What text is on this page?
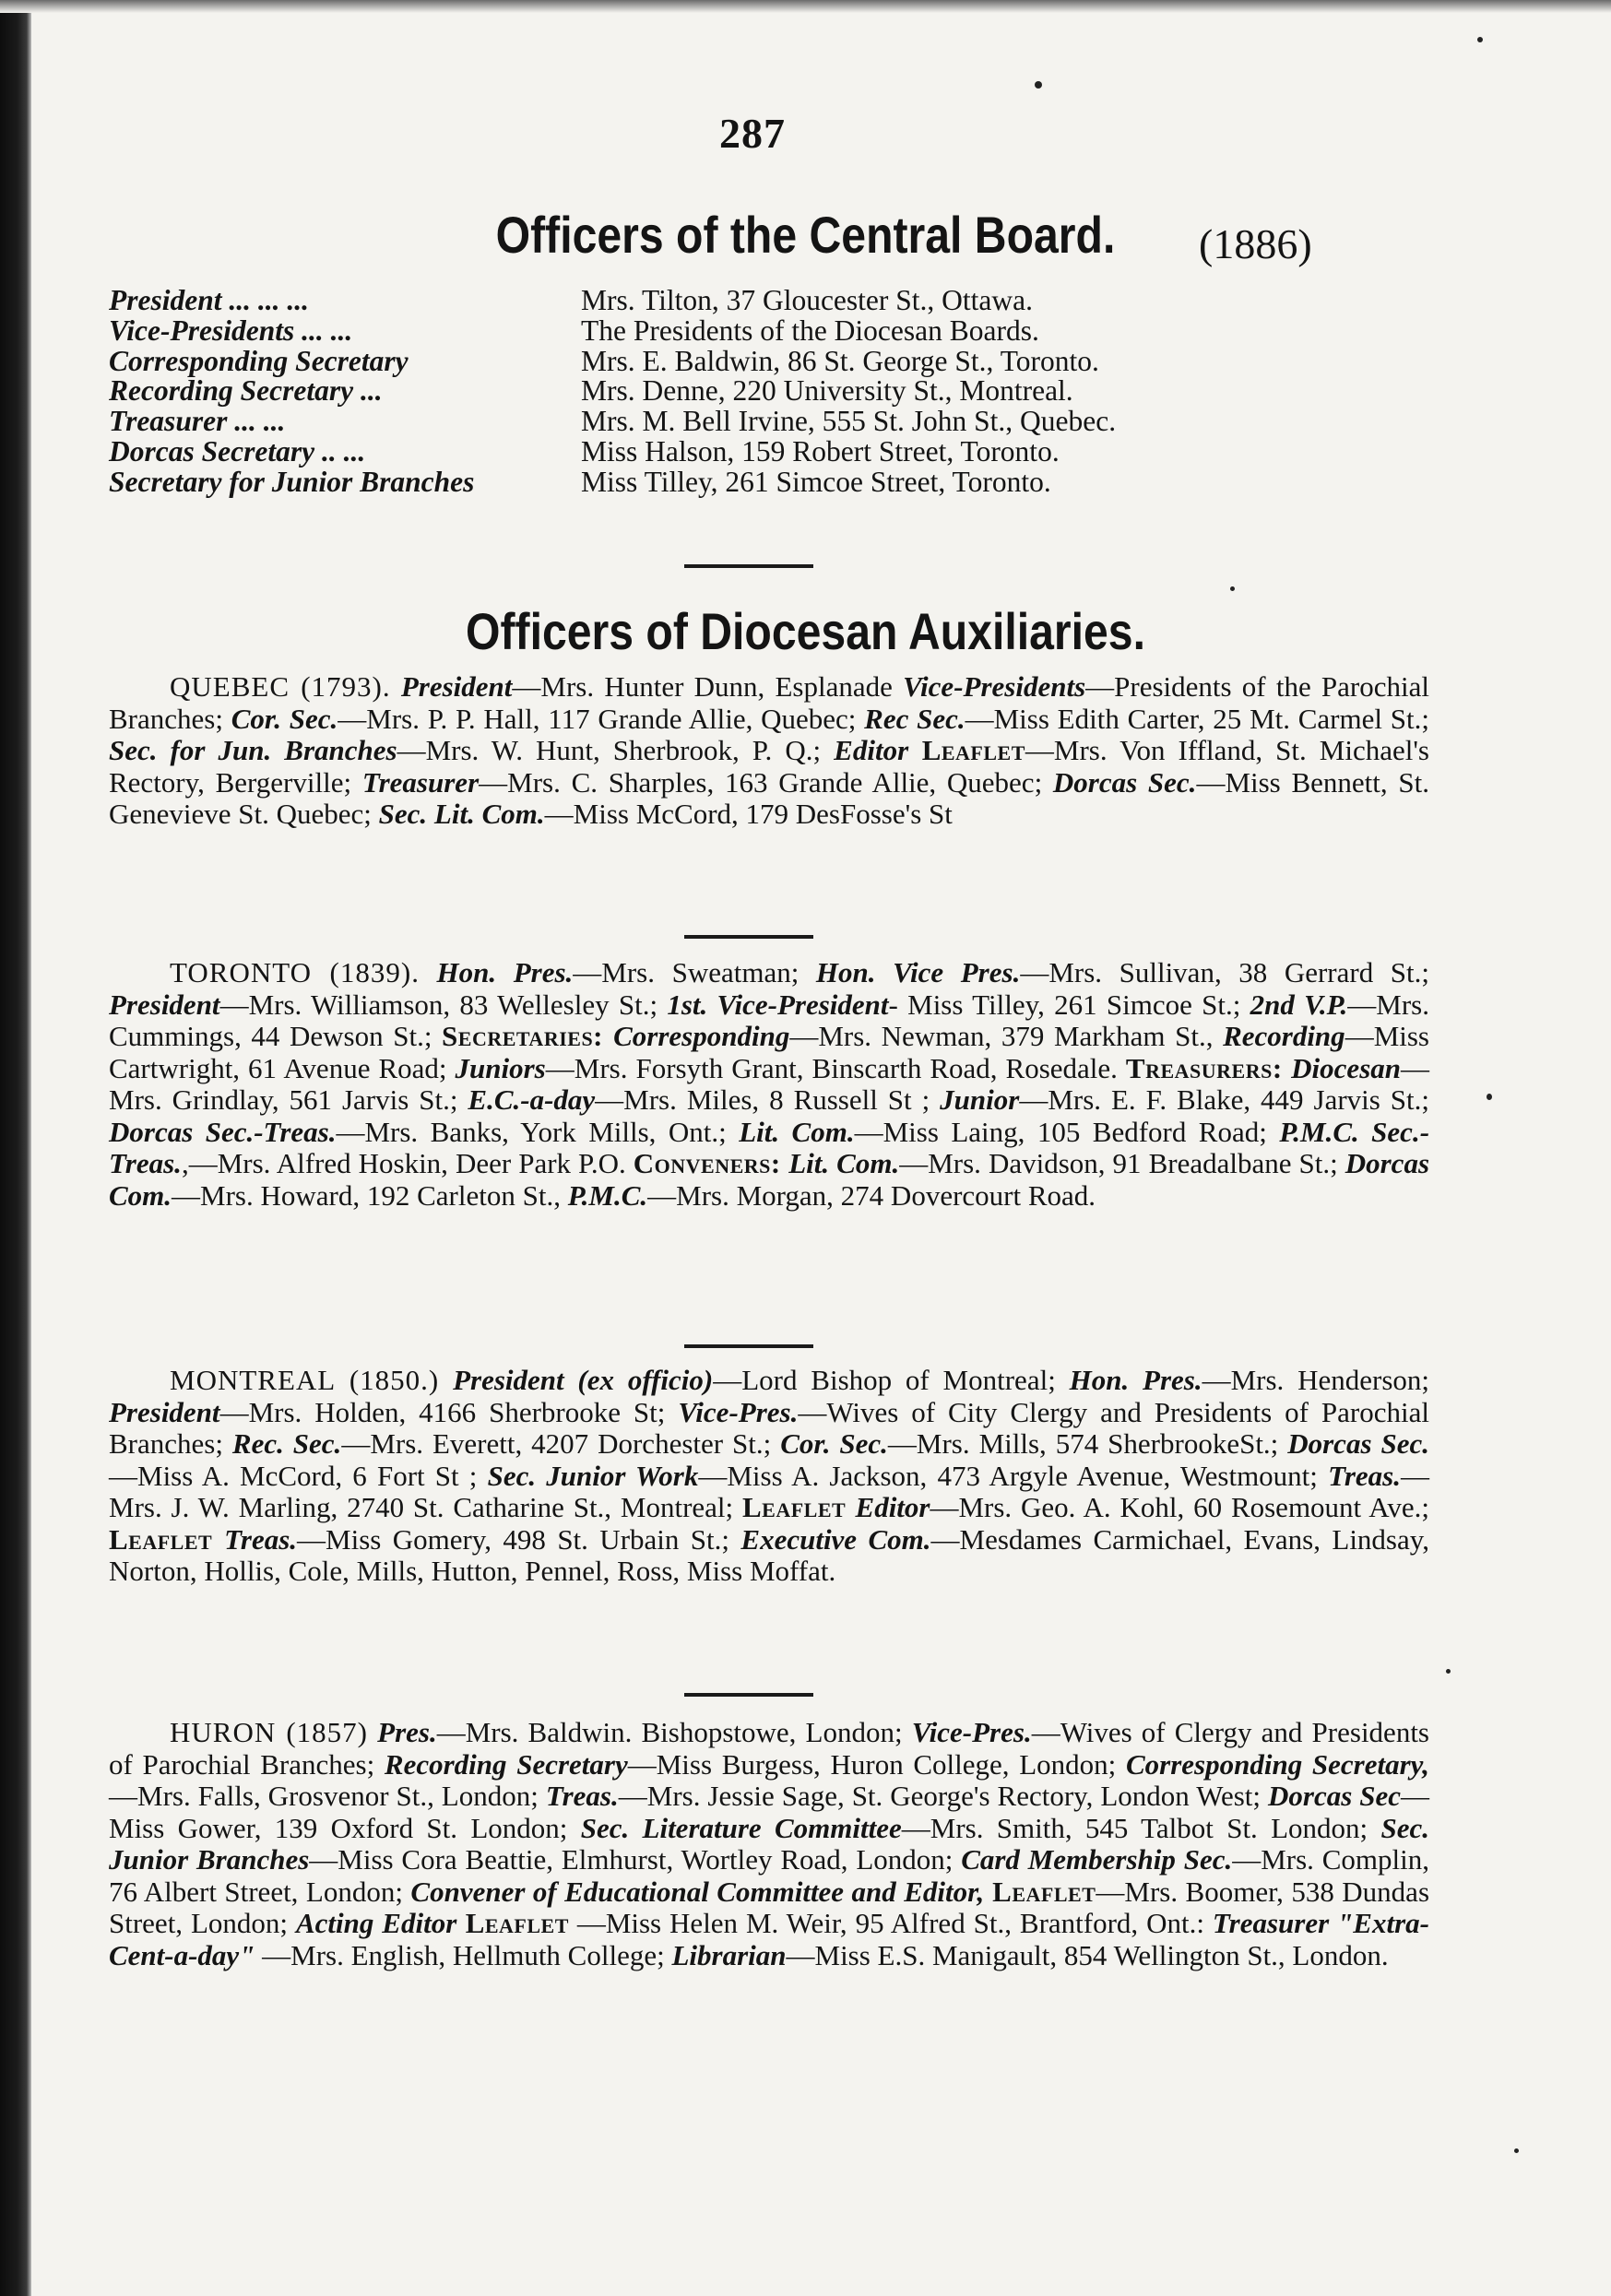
287
Officers of the Central Board.	(1886)
President ... ... ...	Mrs. Tilton, 37 Gloucester St., Ottawa.
Vice-Presidents ... ...	The Presidents of the Diocesan Boards.
Corresponding Secretary	Mrs. E. Baldwin, 86 St. George St., Toronto.
Recording Secretary ...	Mrs. Denne, 220 University St., Montreal.
Treasurer ... ...	Mrs. M. Bell Irvine, 555 St. John St., Quebec.
Dorcas Secretary .. ...	Miss Halson, 159 Robert Street, Toronto.
Secretary for Junior Branches	Miss Tilley, 261 Simcoe Street, Toronto.
Officers of Diocesan Auxiliaries.
QUEBEC (1793). President—Mrs. Hunter Dunn, Esplanade Vice-Presidents—Presidents of the Parochial Branches; Cor. Sec.—Mrs. P. P. Hall, 117 Grande Allie, Quebec; Rec Sec.—Miss Edith Carter, 25 Mt. Carmel St.; Sec. for Jun. Branches—Mrs. W. Hunt, Sherbrook, P. Q.; Editor Leaflet—Mrs. Von Iffland, St. Michael's Rectory, Bergerville; Treasurer—Mrs. C. Sharples, 163 Grande Allie, Quebec; Dorcas Sec.—Miss Bennett, St. Genevieve St. Quebec; Sec. Lit. Com.—Miss McCord, 179 DesFosse's St
TORONTO (1839). Hon. Pres.—Mrs. Sweatman; Hon. Vice Pres.—Mrs. Sullivan, 38 Gerrard St.; President—Mrs. Williamson, 83 Wellesley St.; 1st. Vice-President- Miss Tilley, 261 Simcoe St.; 2nd V.P.—Mrs. Cummings, 44 Dewson St.; Secretaries: Corresponding—Mrs. Newman, 379 Markham St., Recording—Miss Cartwright, 61 Avenue Road; Juniors—Mrs. Forsyth Grant, Binscarth Road, Rosedale. Treasurers: Diocesan—Mrs. Grindlay, 561 Jarvis St.; E.C.-a-day—Mrs. Miles, 8 Russell St ; Junior—Mrs. E. F. Blake, 449 Jarvis St.; Dorcas Sec.-Treas.—Mrs. Banks, York Mills, Ont.; Lit. Com.—Miss Laing, 105 Bedford Road; P.M.C. Sec.-Treas.,—Mrs. Alfred Hoskin, Deer Park P.O. Conveners: Lit. Com.—Mrs. Davidson, 91 Breadalbane St.; Dorcas Com.—Mrs. Howard, 192 Carleton St., P.M.C.—Mrs. Morgan, 274 Dovercourt Road.
MONTREAL (1850.) President (ex officio)—Lord Bishop of Montreal; Hon. Pres.—Mrs. Henderson; President—Mrs. Holden, 4166 Sherbrooke St; Vice-Pres.—Wives of City Clergy and Presidents of Parochial Branches; Rec. Sec.—Mrs. Everett, 4207 Dorchester St.; Cor. Sec.—Mrs. Mills, 574 SherbrookeSt.; Dorcas Sec.—Miss A. McCord, 6 Fort St ; Sec. Junior Work—Miss A. Jackson, 473 Argyle Avenue, Westmount; Treas.—Mrs. J. W. Marling, 2740 St. Catharine St., Montreal; Leaflet Editor—Mrs. Geo. A. Kohl, 60 Rosemount Ave.; Leaflet Treas.—Miss Gomery, 498 St. Urbain St.; Executive Com.—Mesdames Carmichael, Evans, Lindsay, Norton, Hollis, Cole, Mills, Hutton, Pennel, Ross, Miss Moffat.
HURON (1857) Pres.—Mrs. Baldwin. Bishopstowe, London; Vice-Pres.—Wives of Clergy and Presidents of Parochial Branches; Recording Secretary—Miss Burgess, Huron College, London; Corresponding Secretary,—Mrs. Falls, Grosvenor St., London; Treas.—Mrs. Jessie Sage, St. George's Rectory, London West; Dorcas Sec—Miss Gower, 139 Oxford St. London; Sec. Literature Committee—Mrs. Smith, 545 Talbot St. London; Sec. Junior Branches—Miss Cora Beattie, Elmhurst, Wortley Road, London; Card Membership Sec.—Mrs. Complin, 76 Albert Street, London; Convener of Educational Committee and Editor, Leaflet—Mrs. Boomer, 538 Dundas Street, London; Acting Editor Leaflet —Miss Helen M. Weir, 95 Alfred St., Brantford, Ont.: Treasurer "Extra-Cent-a-day" —Mrs. English, Hellmuth College; Librarian—Miss E.S. Manigault, 854 Wellington St., London.
